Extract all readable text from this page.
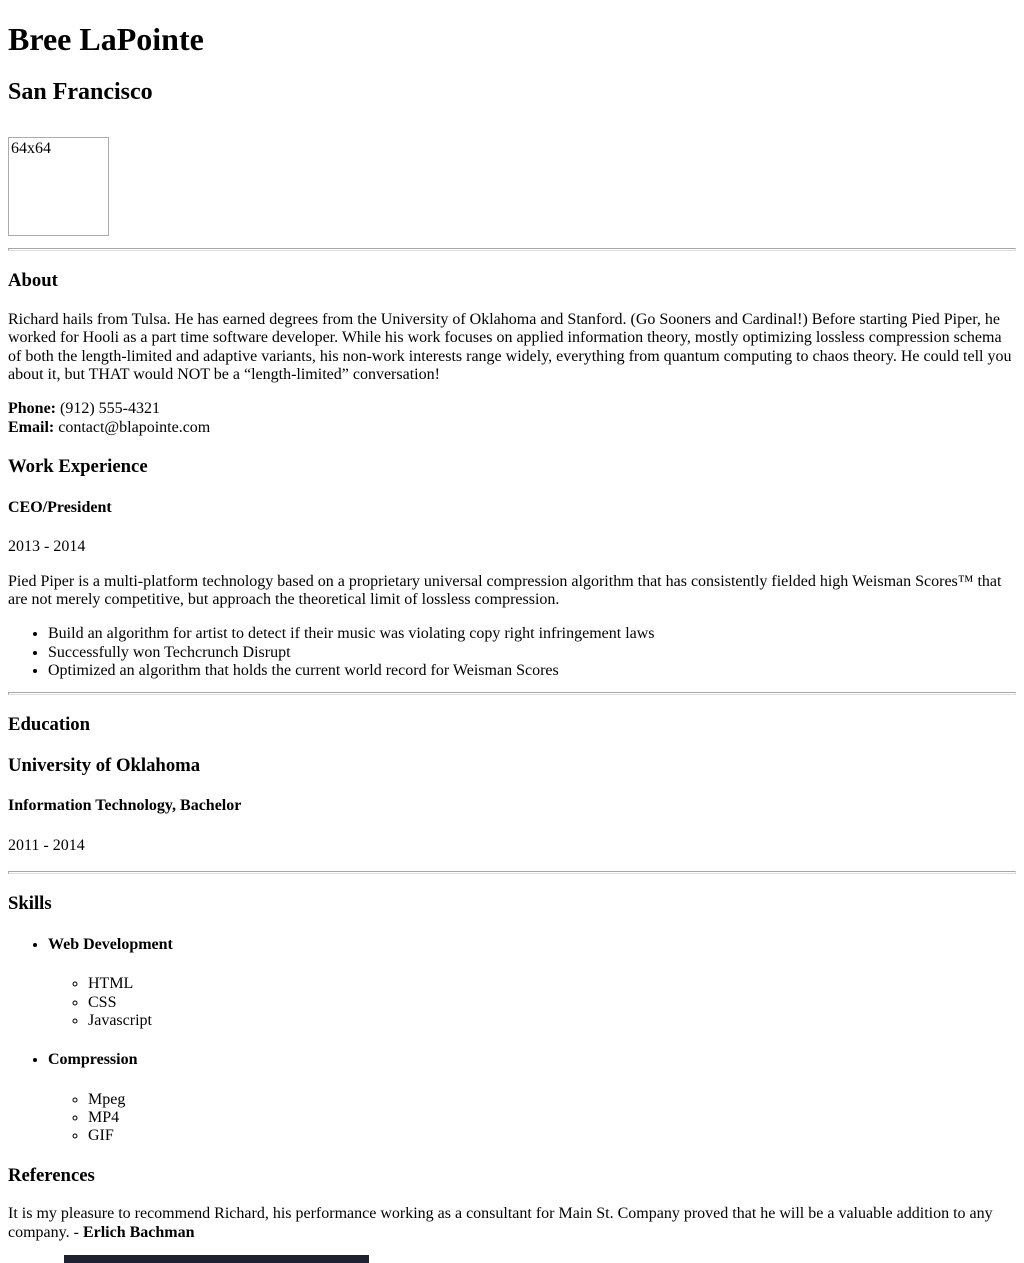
Bree LaPointe
San Francisco
64x64
About

Richard hails from Tulsa. He has earned degrees from the University of Oklahoma and Stanford. (Go Sooners and Cardinal!) Before starting Pied Piper, he worked for Hooli as a part time software developer. While his work focuses on applied information theory, mostly optimizing lossless compression schema of both the length-limited and adaptive variants, his non-work interests range widely, everything from quantum computing to chaos theory. He could tell you about it, but THAT would NOT be a “length-limited” conversation!

Phone: (912) 555-4321
Email: contact@blapointe.com

Work Experience
CEO/President

2013 - 2014

Pied Piper is a multi-platform technology based on a proprietary universal compression algorithm that has consistently fielded high Weisman Scores™ that are not merely competitive, but approach the theoretical limit of lossless compression.

• Build an algorithm for artist to detect if their music was violating copy right infringement laws
• Successfully won Techcrunch Disrupt
• Optimized an algorithm that holds the current world record for Weisman Scores
Education
University of Oklahoma
Information Technology, Bachelor

2011 - 2014

Skills
• Web Development
◦ HTML
◦ CSS
◦ Javascript
• Compression
◦ Mpeg
◦ MP4
◦ GIF
References

It is my pleasure to recommend Richard, his performance working as a consultant for Main St. Company proved that he will be a valuable addition to any company. - Erlich Bachman
